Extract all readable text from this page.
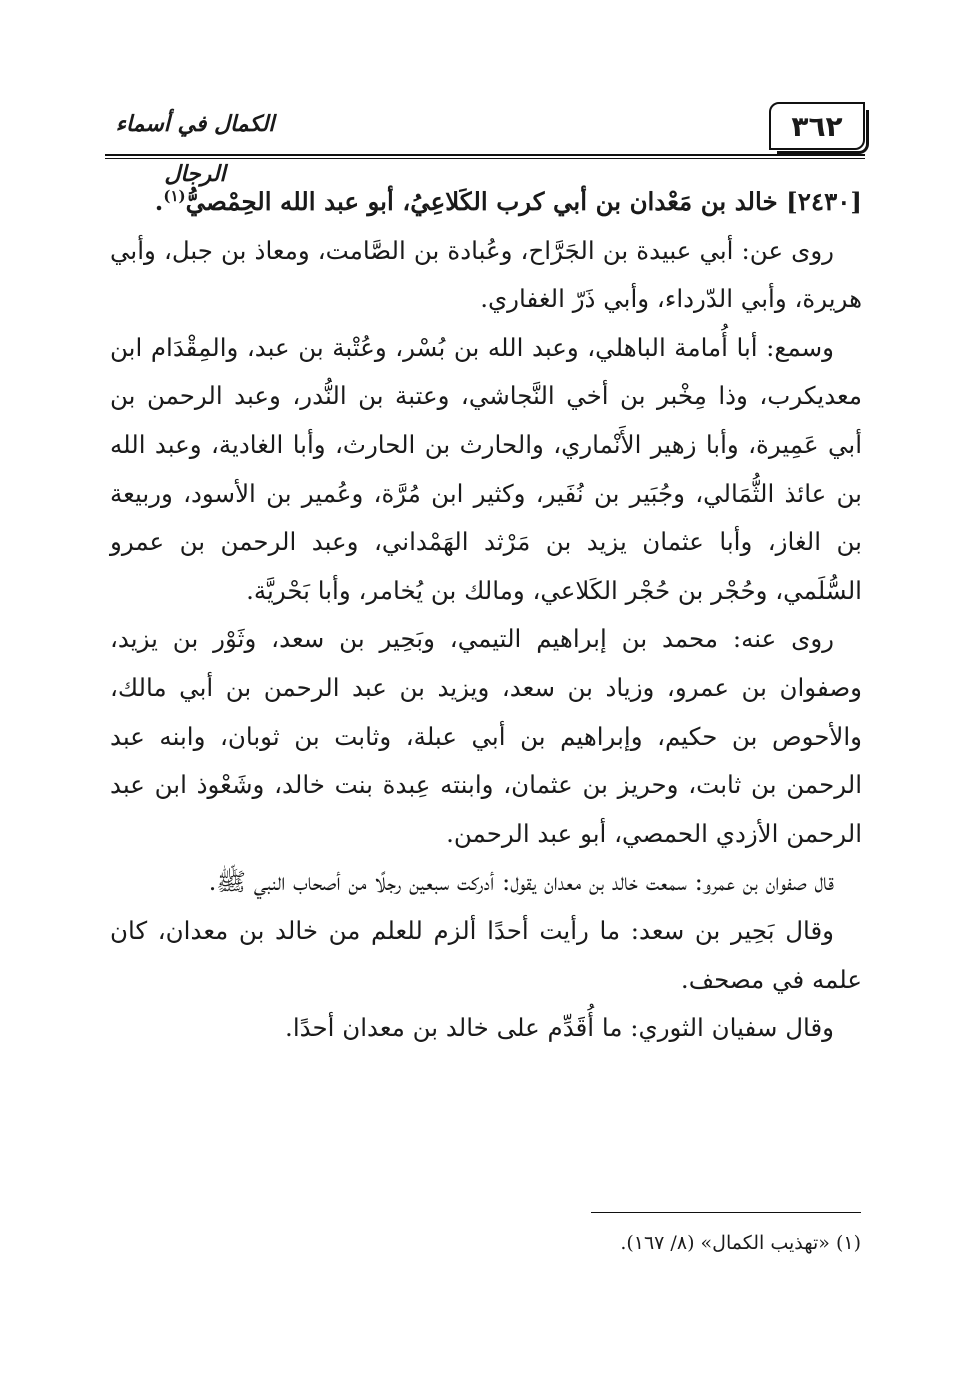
الكمال في أسماء الرجال
٣٦٢

[٢٤٣٠] خالد بن مَعْدان بن أبي كرب الكَلاعِيُ، أبو عبد الله الحِمْصيُّ$^{(١)}$.

روى عن: أبي عبيدة بن الجَرَّاح، وعُبادة بن الصَّامت، ومعاذ بن جبل، وأبي هريرة، وأبي الدّرداء، وأبي ذَرّ الغفاري.

وسمع: أبا أُمامة الباهلي، وعبد الله بن بُسْر، وعُتْبة بن عبد، والمِقْدَام ابن معديكرب، وذا مِخْبر بن أخي النَّجاشي، وعتبة بن النُّدر، وعبد الرحمن بن أبي عَمِيرة، وأبا زهير الأَنْماري، والحارث بن الحارث، وأبا الغادية، وعبد الله بن عائذ الثُّمَالي، وجُبَير بن نُفَير، وكثير ابن مُرَّة، وعُمير بن الأسود، وربيعة بن الغاز، وأبا عثمان يزيد بن مَرْثد الهَمْداني، وعبد الرحمن بن عمرو السُّلَمي، وحُجْر بن حُجْر الكَلاعي، ومالك بن يُخامر، وأبا بَحْريَّة.

روى عنه: محمد بن إبراهيم التيمي، وبَحِير بن سعد، وثَوْر بن يزيد، وصفوان بن عمرو، وزياد بن سعد، ويزيد بن عبد الرحمن بن أبي مالك، والأحوص بن حكيم، وإبراهيم بن أبي عبلة، وثابت بن ثوبان، وابنه عبد الرحمن بن ثابت، وحريز بن عثمان، وابنته عِبدة بنت خالد، وشَعْوذ ابن عبد الرحمن الأزدي الحمصي، أبو عبد الرحمن.

قال صفوان بن عمرو: سمعت خالد بن معدان يقول: أدركت سبعين رجلًا من أصحاب النبي ﷺ.

وقال بَحِير بن سعد: ما رأيت أحدًا ألزم للعلم من خالد بن معدان، كان علمه في مصحف.

وقال سفيان الثوري: ما أُقَدِّم على خالد بن معدان أحدًا.

(١) «تهذيب الكمال» (٨/ ١٦٧).
